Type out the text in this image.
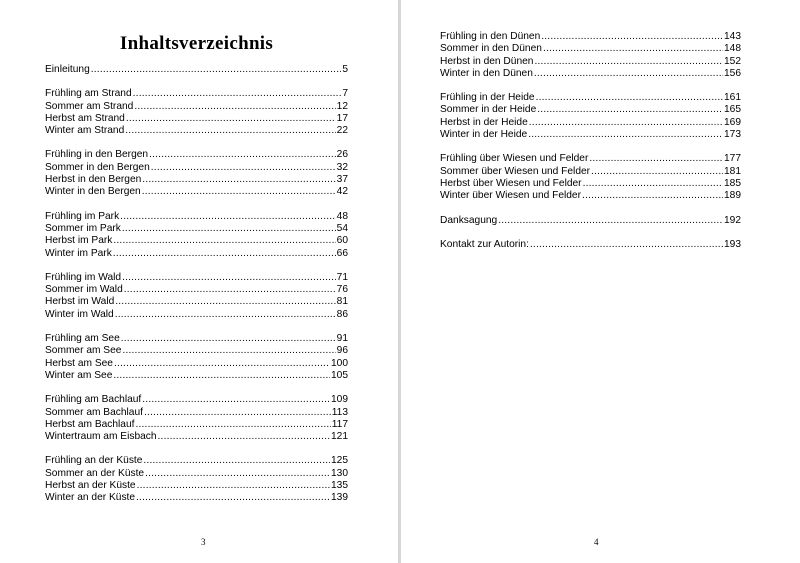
Inhaltsverzeichnis
Einleitung .....	5
Frühling am Strand .....	7
Sommer am Strand .....	12
Herbst am Strand .....	17
Winter am Strand .....	22
Frühling in den Bergen .....	26
Sommer in den Bergen .....	32
Herbst in den Bergen .....	37
Winter in den Bergen .....	42
Frühling im Park .....	48
Sommer im Park .....	54
Herbst im Park .....	60
Winter im Park .....	66
Frühling im Wald .....	71
Sommer im Wald .....	76
Herbst im Wald .....	81
Winter im Wald .....	86
Frühling am See .....	91
Sommer am See .....	96
Herbst am See .....	100
Winter am See .....	105
Frühling am Bachlauf .....	109
Sommer am Bachlauf .....	113
Herbst am Bachlauf .....	117
Wintertraum am Eisbach .....	121
Frühling an der Küste .....	125
Sommer an der Küste .....	130
Herbst an der Küste .....	135
Winter an der Küste .....	139
3
Frühling in den Dünen .....	143
Sommer in den Dünen .....	148
Herbst in den Dünen .....	152
Winter in den Dünen .....	156
Frühling in der Heide .....	161
Sommer in der Heide .....	165
Herbst in der Heide .....	169
Winter in der Heide .....	173
Frühling über Wiesen und Felder .....	177
Sommer über Wiesen und Felder .....	181
Herbst über Wiesen und Felder .....	185
Winter über Wiesen und Felder .....	189
Danksagung .....	192
Kontakt zur Autorin: .....	193
4
